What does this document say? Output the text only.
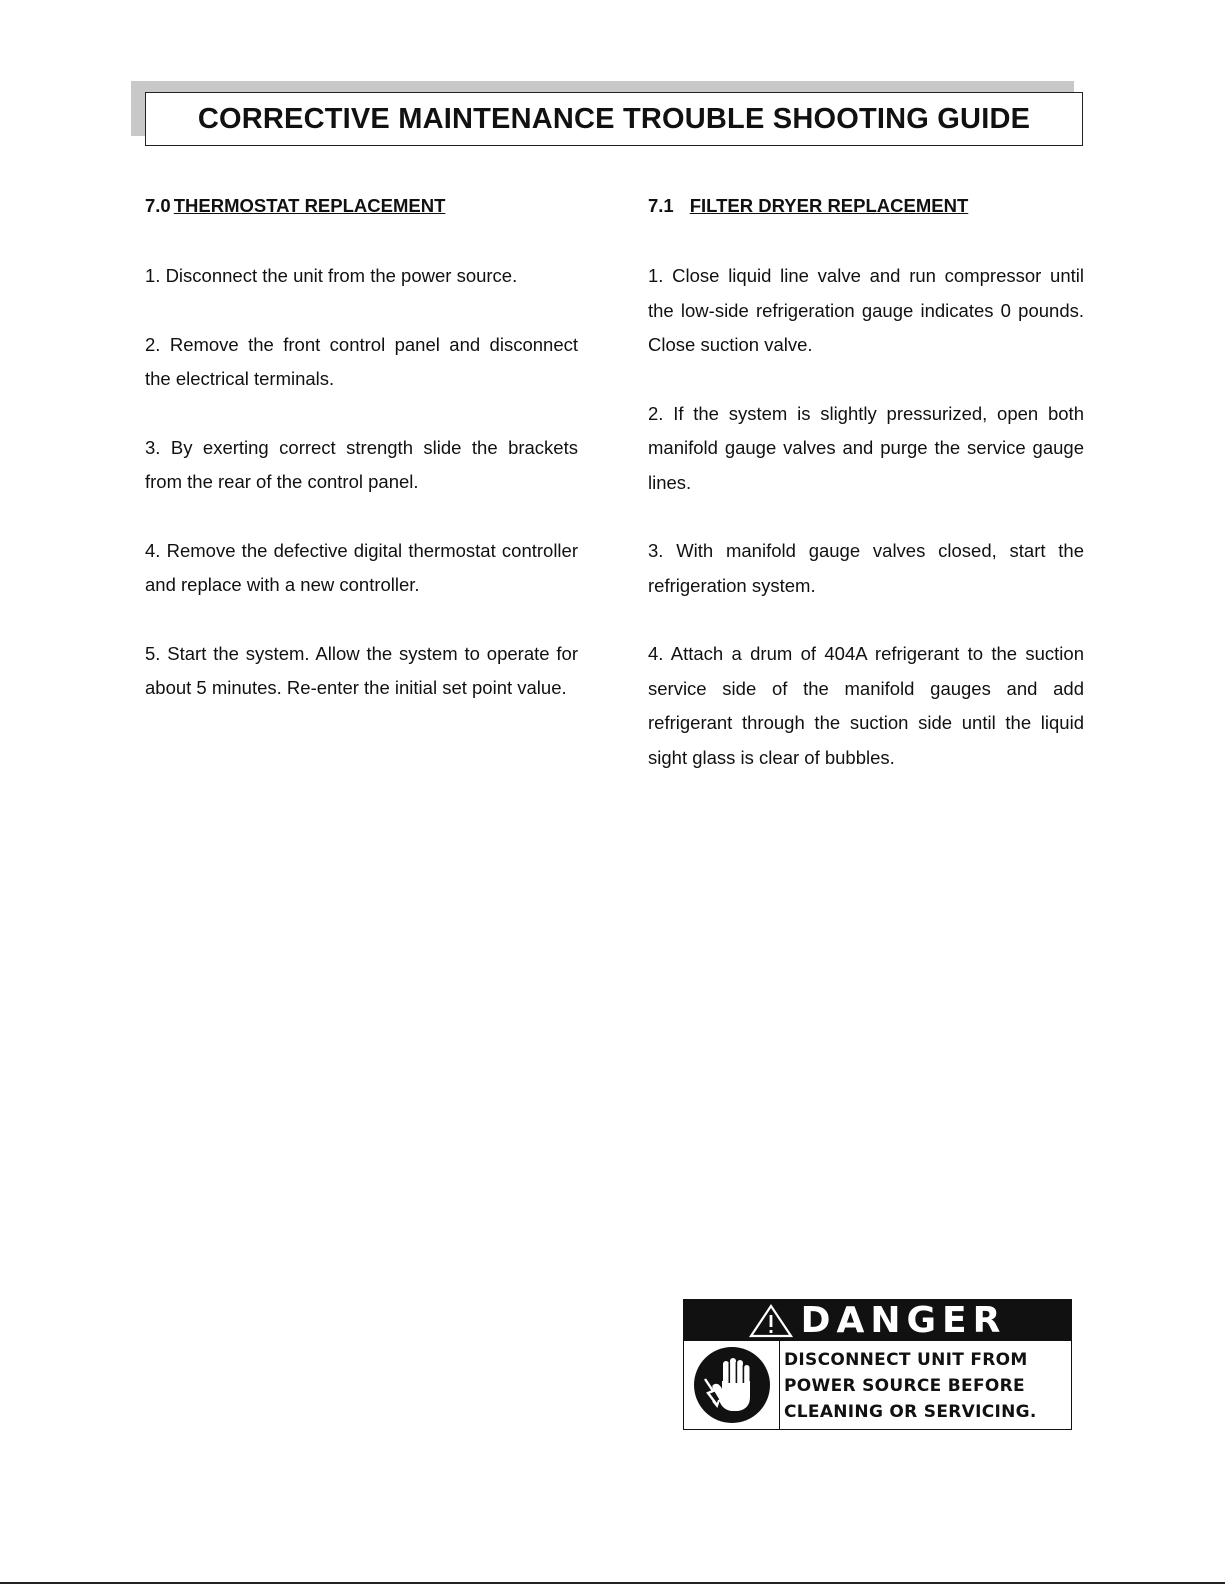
CORRECTIVE MAINTENANCE TROUBLE SHOOTING GUIDE

7.0 THERMOSTAT REPLACEMENT

1. Disconnect the unit from the power source.

2. Remove the front control panel and disconnect the electrical terminals.

3. By exerting correct strength slide the brackets from the rear of the control panel.

4. Remove the defective digital thermostat controller and replace with a new controller.

5. Start the system. Allow the system to operate for about 5 minutes. Re-enter the initial set point value.

7.1 FILTER DRYER REPLACEMENT

1. Close liquid line valve and run compressor until the low-side refrigeration gauge indicates 0 pounds. Close suction valve.

2. If the system is slightly pressurized, open both manifold gauge valves and purge the service gauge lines.

3. With manifold gauge valves closed, start the refrigeration system.

4. Attach a drum of 404A refrigerant to the suction service side of the manifold gauges and add refrigerant through the suction side until the liquid sight glass is clear of bubbles.

DANGER
DISCONNECT UNIT FROM
POWER SOURCE BEFORE
CLEANING OR SERVICING.
